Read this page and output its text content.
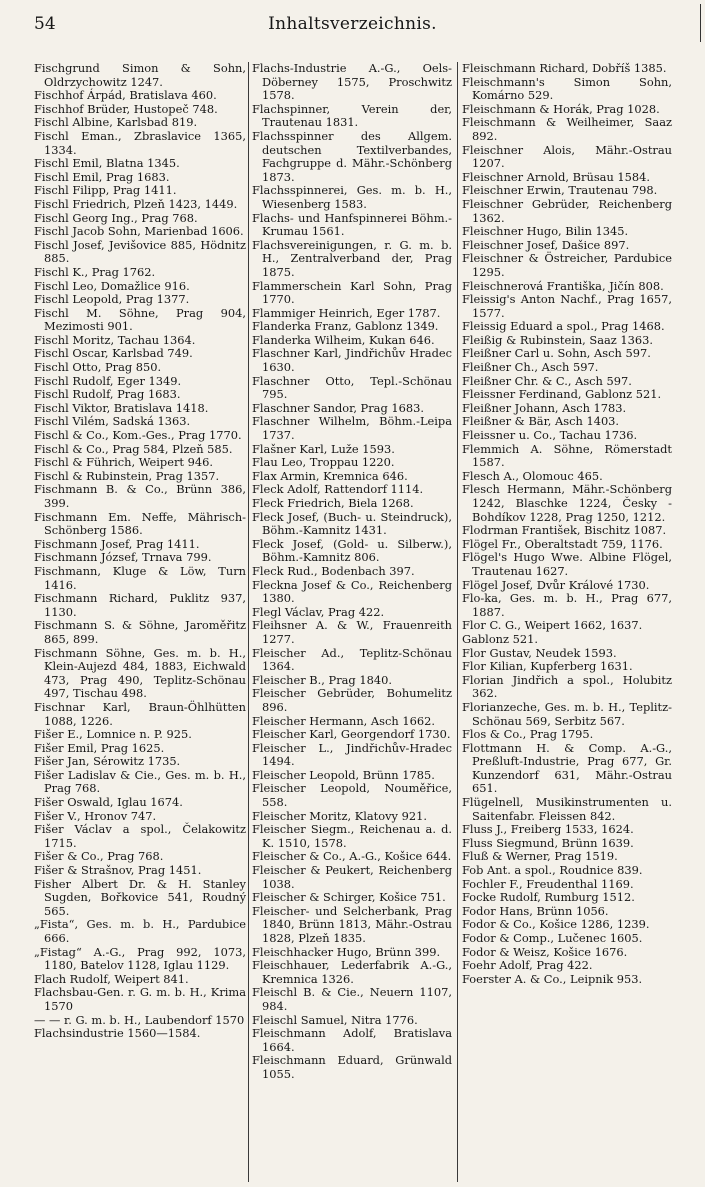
54	Inhaltsverzeichnis.
Fischgrund Simon & Sohn, Oldrzychowitz 1247.
Fischhof Árpád, Bratislava 460.
Fischhof Brüder, Hustopeč 748.
Fischl Albine, Karlsbad 819.
Fischl Eman., Zbraslavice 1365, 1334.
Fischl Emil, Blatna 1345.
Fischl Emil, Prag 1683.
Fischl Filipp, Prag 1411.
Fischl Friedrich, Plzeň 1423, 1449.
Fischl Georg Ing., Prag 768.
Fischl Jacob Sohn, Marienbad 1606.
Fischl Josef, Jevišovice 885, Hödnitz 885.
Fischl K., Prag 1762.
Fischl Leo, Domažlice 916.
Fischl Leopold, Prag 1377.
Fischl M. Söhne, Prag 904, Mezimosti 901.
Fischl Moritz, Tachau 1364.
Fischl Oscar, Karlsbad 749.
Fischl Otto, Prag 850.
Fischl Rudolf, Eger 1349.
Fischl Rudolf, Prag 1683.
Fischl Viktor, Bratislava 1418.
Fischl Vilém, Sadská 1363.
Fischl & Co., Kom.-Ges., Prag 1770.
Fischl & Co., Prag 584, Plzeň 585.
Fischl & Führich, Weipert 946.
Fischl & Rubinstein, Prag 1357.
Fischmann B. & Co., Brünn 386, 399.
Fischmann Em. Neffe, Mährisch-Schönberg 1586.
Fischmann Josef, Prag 1411.
Fischmann József, Trnava 799.
Fischmann, Kluge & Löw, Turn 1416.
Fischmann Richard, Puklitz 937, 1130.
Fischmann S. & Söhne, Jaroměřitz 865, 899.
Fischmann Söhne, Ges. m. b. H., Klein-Aujezd 484, 1883, Eichwald 473, Prag 490, Teplitz-Schönau 497, Tischau 498.
Fischnar Karl, Braun-Öhlhütten 1088, 1226.
Fišer E., Lomnice n. P. 925.
Fišer Emil, Prag 1625.
Fišer Jan, Sérowitz 1735.
Fišer Ladislav & Cie., Ges. m. b. H., Prag 768.
Fišer Oswald, Iglau 1674.
Fišer V., Hronov 747.
Fišer Václav a spol., Čelakowitz 1715.
Fišer & Co., Prag 768.
Fišer & Strašnov, Prag 1451.
Fisher Albert Dr. & H. Stanley Sugden, Bořkovice 541, Roudný 565.
„Fista“, Ges. m. b. H., Pardubice 666.
„Fistag“ A.-G., Prag 992, 1073, 1180, Batelov 1128, Iglau 1129.
Flach Rudolf, Weipert 841.
Flachsbau-Gen. r. G. m. b. H., Krima 1570
— — r. G. m. b. H., Laubendorf 1570
Flachsindustrie 1560—1584.
Flachs-Industrie A.-G., Oels-Döberney 1575, Proschwitz 1578.
Flachspinner, Verein der, Trautenau 1831.
Flachsspinner des Allgem. deutschen Textilverbandes, Fachgruppe d. Mähr.-Schönberg 1873.
Flachsspinnerei, Ges. m. b. H., Wiesenberg 1583.
Flachs- und Hanfspinnerei Böhm.-Krumau 1561.
Flachsvereinigungen, r. G. m. b. H., Zentralverband der, Prag 1875.
Flammerschein Karl Sohn, Prag 1770.
Flammiger Heinrich, Eger 1787.
Flanderka Franz, Gablonz 1349.
Flanderka Wilheim, Kukan 646.
Flaschner Karl, Jindřichův Hradec 1630.
Flaschner Otto, Tepl.-Schönau 795.
Flaschner Sandor, Prag 1683.
Flaschner Wilhelm, Böhm.-Leipa 1737.
Flašner Karl, Luže 1593.
Flau Leo, Troppau 1220.
Flax Armin, Kremnica 646.
Fleck Adolf, Rattendorf 1114.
Fleck Friedrich, Biela 1268.
Fleck Josef, (Buch- u. Steindruck), Böhm.-Kamnitz 1431.
Fleck Josef, (Gold- u. Silberw.), Böhm.-Kamnitz 806.
Fleck Rud., Bodenbach 397.
Fleckna Josef & Co., Reichenberg 1380.
Flegl Václav, Prag 422.
Fleihsner A. & W., Frauenreith 1277.
Fleischer Ad., Teplitz-Schönau 1364.
Fleischer B., Prag 1840.
Fleischer Gebrüder, Bohumelitz 896.
Fleischer Hermann, Asch 1662.
Fleischer Karl, Georgendorf 1730.
Fleischer L., Jindřichův-Hradec 1494.
Fleischer Leopold, Brünn 1785.
Fleischer Leopold, Nouměřice, 558.
Fleischer Moritz, Klatovy 921.
Fleischer Siegm., Reichenau a. d. K. 1510, 1578.
Fleischer & Co., A.-G., Košice 644.
Fleischer & Peukert, Reichenberg 1038.
Fleischer & Schirger, Košice 751.
Fleischer- und Selcherbank, Prag 1840, Brünn 1813, Mähr.-Ostrau 1828, Plzeň 1835.
Fleischhacker Hugo, Brünn 399.
Fleischhauer, Lederfabrik A.-G., Kremnica 1326.
Fleischl B. & Cie., Neuern 1107, 984.
Fleischl Samuel, Nitra 1776.
Fleischmann Adolf, Bratislava 1664.
Fleischmann Eduard, Grünwald 1055.
Fleischmann Richard, Dobříš 1385.
Fleischmann's Simon Sohn, Komárno 529.
Fleischmann & Horák, Prag 1028.
Fleischmann & Weilheimer, Saaz 892.
Fleischner Alois, Mähr.-Ostrau 1207.
Fleischner Arnold, Brüsau 1584.
Fleischner Erwin, Trautenau 798.
Fleischner Gebrüder, Reichenberg 1362.
Fleischner Hugo, Bilin 1345.
Fleischner Josef, Dašice 897.
Fleischner & Östreicher, Pardubice 1295.
Fleischnerová Františka, Jičín 808.
Fleissig's Anton Nachf., Prag 1657, 1577.
Fleissig Eduard a spol., Prag 1468.
Fleißig & Rubinstein, Saaz 1363.
Fleißner Carl u. Sohn, Asch 597.
Fleißner Ch., Asch 597.
Fleißner Chr. & C., Asch 597.
Fleissner Ferdinand, Gablonz 521.
Fleißner Johann, Asch 1783.
Fleißner & Bär, Asch 1403.
Fleissner u. Co., Tachau 1736.
Flemmich A. Söhne, Römerstadt 1587.
Flesch A., Olomouc 465.
Flesch Hermann, Mähr.-Schönberg 1242, Blaschke 1224, Česky - Bohdíkov 1228, Prag 1250, 1212.
Flodrman František, Bischitz 1087.
Flögel Fr., Oberaltstadt 759, 1176.
Flögel's Hugo Wwe. Albine Flögel, Trautenau 1627.
Flögel Josef, Dvůr Králové 1730.
Flo-ka, Ges. m. b. H., Prag 677, 1887.
Flor C. G., Weipert 1662, 1637.
Gablonz 521.
Flor Gustav, Neudek 1593.
Flor Kilian, Kupferberg 1631.
Florian Jindřich a spol., Holubitz 362.
Florianzeche, Ges. m. b. H., Teplitz-Schönau 569, Serbitz 567.
Flos & Co., Prag 1795.
Flottmann H. & Comp. A.-G., Preßluft-Industrie, Prag 677, Gr. Kunzendorf 631, Mähr.-Ostrau 651.
Flügelnell, Musikinstrumenten u. Saitenfabr. Fleissen 842.
Fluss J., Freiberg 1533, 1624.
Fluss Siegmund, Brünn 1639.
Fluß & Werner, Prag 1519.
Fob Ant. a spol., Roudnice 839.
Fochler F., Freudenthal 1169.
Focke Rudolf, Rumburg 1512.
Fodor Hans, Brünn 1056.
Fodor & Co., Košice 1286, 1239.
Fodor & Comp., Lučenec 1605.
Fodor & Weisz, Košice 1676.
Foehr Adolf, Prag 422.
Foerster A. & Co., Leipnik 953.
